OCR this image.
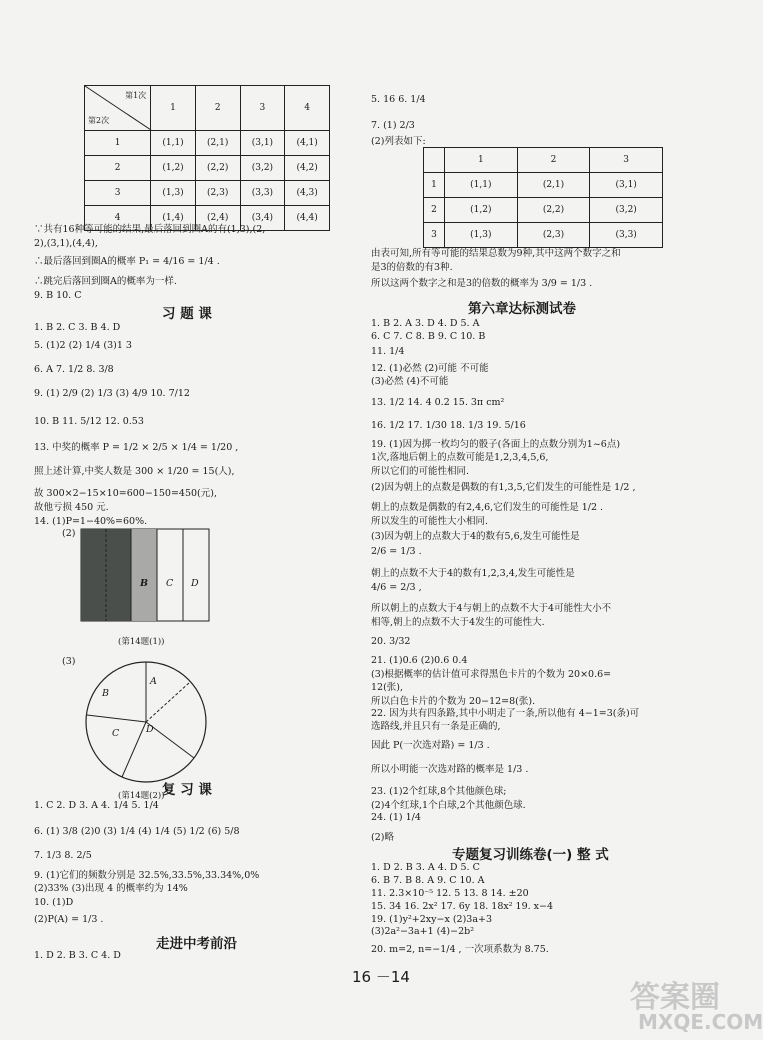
第1次
第2次	1	2	3	4
1	(1,1)	(2,1)	(3,1)	(4,1)
2	(1,2)	(2,2)	(3,2)	(4,2)
3	(1,3)	(2,3)	(3,3)	(4,3)
4	(1,4)	(2,4)	(3,4)	(4,4)
∵共有16种等可能的结果,最后落回到圈A的有(1,3),(2,
2),(3,1),(4,4),
∴最后落回到圈A的概率 P₁ = 4/16 = 1/4 .
∴跳完后落回到圈A的概率为一样.
9. B 10. C
习 题 课
1. B 2. C 3. B 4. D
5. (1)2 (2) 1/4 (3)1 3
6. A 7. 1/2 8. 3/8
9. (1) 2/9 (2) 1/3 (3) 4/9 10. 7/12
10. B 11. 5/12 12. 0.53
13. 中奖的概率 P = 1/2 × 2/5 × 1/4 = 1/20 ,
照上述计算,中奖人数是 300 × 1/20 = 15(人),
故 300×2−15×10=600−150=450(元),
故他亏损 450 元.
14. (1)P=1−40%=60%.
(2)
B C D
(第14题(1))
(3)
B
A
C	D
(第14题(2))
复 习 课
1. C 2. D 3. A 4. 1/4 5. 1/4
6. (1) 3/8 (2)0 (3) 1/4 (4) 1/4 (5) 1/2 (6) 5/8
7. 1/3 8. 2/5
9. (1)它们的频数分别是 32.5%,33.5%,33.34%,0%
(2)33% (3)出现 4 的概率约为 14%
10. (1)D
(2)P(A) = 1/3 .
走进中考前沿
1. D 2. B 3. C 4. D
5. 16 6. 1/4
7. (1) 2/3
(2)列表如下:
	1	2	3
1	(1,1)	(2,1)	(3,1)
2	(1,2)	(2,2)	(3,2)
3	(1,3)	(2,3)	(3,3)
由表可知,所有等可能的结果总数为9种,其中这两个数字之和
是3的倍数的有3种.
所以这两个数字之和是3的倍数的概率为 3/9 = 1/3 .
第六章达标测试卷
1. B 2. A 3. D 4. D 5. A
6. C 7. C 8. B 9. C 10. B
11. 1/4
12. (1)必然 (2)可能 不可能
(3)必然 (4)不可能
13. 1/2 14. 4 0.2 15. 3π cm²
16. 1/2 17. 1/30 18. 1/3 19. 5/16
19. (1)因为掷一枚均匀的骰子(各面上的点数分别为1~6点)
1次,落地后朝上的点数可能是1,2,3,4,5,6,
所以它们的可能性相同.
(2)因为朝上的点数是偶数的有1,3,5,它们发生的可能性是 1/2 ,
朝上的点数是偶数的有2,4,6,它们发生的可能性是 1/2 .
所以发生的可能性大小相同.
(3)因为朝上的点数大于4的数有5,6,发生可能性是
2/6 = 1/3 .
朝上的点数不大于4的数有1,2,3,4,发生可能性是
4/6 = 2/3 ,
所以朝上的点数大于4与朝上的点数不大于4可能性大小不
相等,朝上的点数不大于4发生的可能性大.
20. 3/32
21. (1)0.6 (2)0.6 0.4
(3)根据概率的估计值可求得黑色卡片的个数为 20×0.6=
12(张),
所以白色卡片的个数为 20−12=8(张).
22. 因为共有四条路,其中小明走了一条,所以他有 4−1=3(条)可
选路线,并且只有一条是正确的,
因此 P(一次选对路) = 1/3 .
所以小明能一次选对路的概率是 1/3 .
23. (1)2个红球,8个其他颜色球;
(2)4个红球,1个白球,2个其他颜色球.
24. (1) 1/4
(2)略
专题复习训练卷(一) 整 式
1. D 2. B 3. A 4. D 5. C
6. B 7. B 8. A 9. C 10. A
11. 2.3×10⁻⁵ 12. 5 13. 8 14. ±20
15. 34 16. 2x² 17. 6y 18. 18x² 19. x−4
19. (1)y²+2xy−x (2)3a+3
(3)2a²−3a+1 (4)−2b²
20. m=2, n=−1/4 , 一次项系数为 8.75.
16 －14
答案圈
MXQE.COM
